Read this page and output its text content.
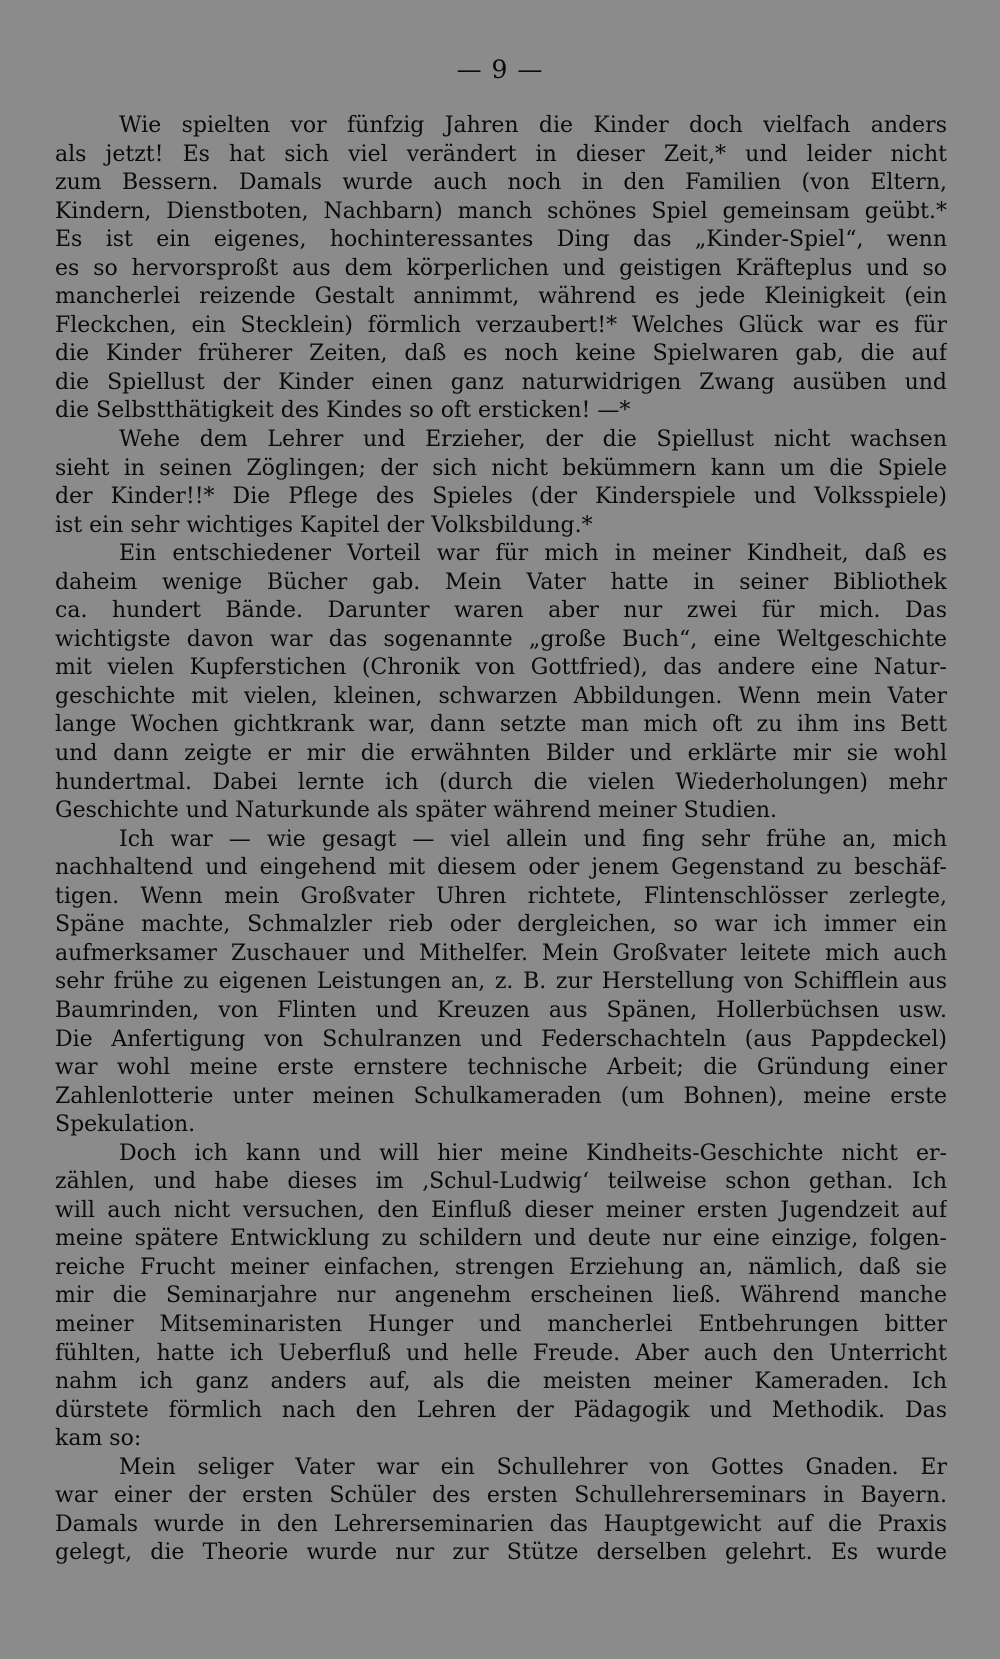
— 9 —
Wie spielten vor fünfzig Jahren die Kinder doch vielfach anders
als jetzt! Es hat sich viel verändert in dieser Zeit,* und leider nicht
zum Bessern. Damals wurde auch noch in den Familien (von Eltern,
Kindern, Dienstboten, Nachbarn) manch schönes Spiel gemeinsam geübt.*
Es ist ein eigenes, hochinteressantes Ding das „Kinder-Spiel“, wenn
es so hervorsproßt aus dem körperlichen und geistigen Kräfteplus und so
mancherlei reizende Gestalt annimmt, während es jede Kleinigkeit (ein
Fleckchen, ein Stecklein) förmlich verzaubert!* Welches Glück war es für
die Kinder früherer Zeiten, daß es noch keine Spielwaren gab, die auf
die Spiellust der Kinder einen ganz naturwidrigen Zwang ausüben und
die Selbstthätigkeit des Kindes so oft ersticken! —*
Wehe dem Lehrer und Erzieher, der die Spiellust nicht wachsen
sieht in seinen Zöglingen; der sich nicht bekümmern kann um die Spiele
der Kinder!!* Die Pflege des Spieles (der Kinderspiele und Volksspiele)
ist ein sehr wichtiges Kapitel der Volksbildung.*
Ein entschiedener Vorteil war für mich in meiner Kindheit, daß es
daheim wenige Bücher gab. Mein Vater hatte in seiner Bibliothek
ca. hundert Bände. Darunter waren aber nur zwei für mich. Das
wichtigste davon war das sogenannte „große Buch“, eine Weltgeschichte
mit vielen Kupferstichen (Chronik von Gottfried), das andere eine Natur-
geschichte mit vielen, kleinen, schwarzen Abbildungen. Wenn mein Vater
lange Wochen gichtkrank war, dann setzte man mich oft zu ihm ins Bett
und dann zeigte er mir die erwähnten Bilder und erklärte mir sie wohl
hundertmal. Dabei lernte ich (durch die vielen Wiederholungen) mehr
Geschichte und Naturkunde als später während meiner Studien.
Ich war — wie gesagt — viel allein und fing sehr frühe an, mich
nachhaltend und eingehend mit diesem oder jenem Gegenstand zu beschäf-
tigen. Wenn mein Großvater Uhren richtete, Flintenschlösser zerlegte,
Späne machte, Schmalzler rieb oder dergleichen, so war ich immer ein
aufmerksamer Zuschauer und Mithelfer. Mein Großvater leitete mich auch
sehr frühe zu eigenen Leistungen an, z. B. zur Herstellung von Schifflein aus
Baumrinden, von Flinten und Kreuzen aus Spänen, Hollerbüchsen usw.
Die Anfertigung von Schulranzen und Federschachteln (aus Pappdeckel)
war wohl meine erste ernstere technische Arbeit; die Gründung einer
Zahlenlotterie unter meinen Schulkameraden (um Bohnen), meine erste
Spekulation.
Doch ich kann und will hier meine Kindheits-Geschichte nicht er-
zählen, und habe dieses im ‚Schul-Ludwig‘ teilweise schon gethan. Ich
will auch nicht versuchen, den Einfluß dieser meiner ersten Jugendzeit auf
meine spätere Entwicklung zu schildern und deute nur eine einzige, folgen-
reiche Frucht meiner einfachen, strengen Erziehung an, nämlich, daß sie
mir die Seminarjahre nur angenehm erscheinen ließ. Während manche
meiner Mitseminaristen Hunger und mancherlei Entbehrungen bitter
fühlten, hatte ich Ueberfluß und helle Freude. Aber auch den Unterricht
nahm ich ganz anders auf, als die meisten meiner Kameraden. Ich
dürstete förmlich nach den Lehren der Pädagogik und Methodik. Das
kam so:
Mein seliger Vater war ein Schullehrer von Gottes Gnaden. Er
war einer der ersten Schüler des ersten Schullehrerseminars in Bayern.
Damals wurde in den Lehrerseminarien das Hauptgewicht auf die Praxis
gelegt, die Theorie wurde nur zur Stütze derselben gelehrt. Es wurde
